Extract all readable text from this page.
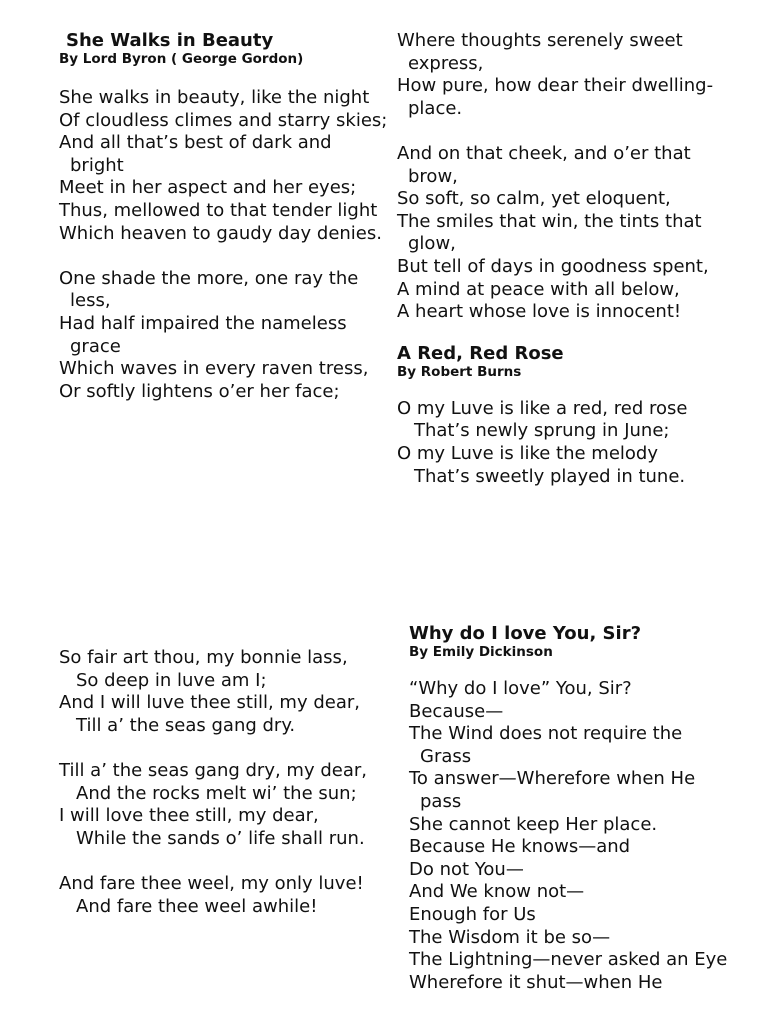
She Walks in Beauty
By Lord Byron ( George Gordon)
She walks in beauty, like the night
Of cloudless climes and starry skies;
And all that’s best of dark and bright
Meet in her aspect and her eyes;
Thus, mellowed to that tender light
Which heaven to gaudy day denies.
One shade the more, one ray the less,
Had half impaired the nameless grace
Which waves in every raven tress,
Or softly lightens o’er her face;
Where thoughts serenely sweet express,
How pure, how dear their dwelling-place.
And on that cheek, and o’er that brow,
So soft, so calm, yet eloquent,
The smiles that win, the tints that glow,
But tell of days in goodness spent,
A mind at peace with all below,
A heart whose love is innocent!
A Red, Red Rose
By Robert Burns
O my Luve is like a red, red rose
That’s newly sprung in June;
O my Luve is like the melody
That’s sweetly played in tune.
So fair art thou, my bonnie lass,
So deep in luve am I;
And I will luve thee still, my dear,
Till a’ the seas gang dry.
Till a’ the seas gang dry, my dear,
And the rocks melt wi’ the sun;
I will love thee still, my dear,
While the sands o’ life shall run.
And fare thee weel, my only luve!
And fare thee weel awhile!
Why do I love You, Sir?
By Emily Dickinson
“Why do I love” You, Sir?
Because—
The Wind does not require the Grass
To answer—Wherefore when He pass
She cannot keep Her place.
Because He knows—and
Do not You—
And We know not—
Enough for Us
The Wisdom it be so—
The Lightning—never asked an Eye
Wherefore it shut—when He
